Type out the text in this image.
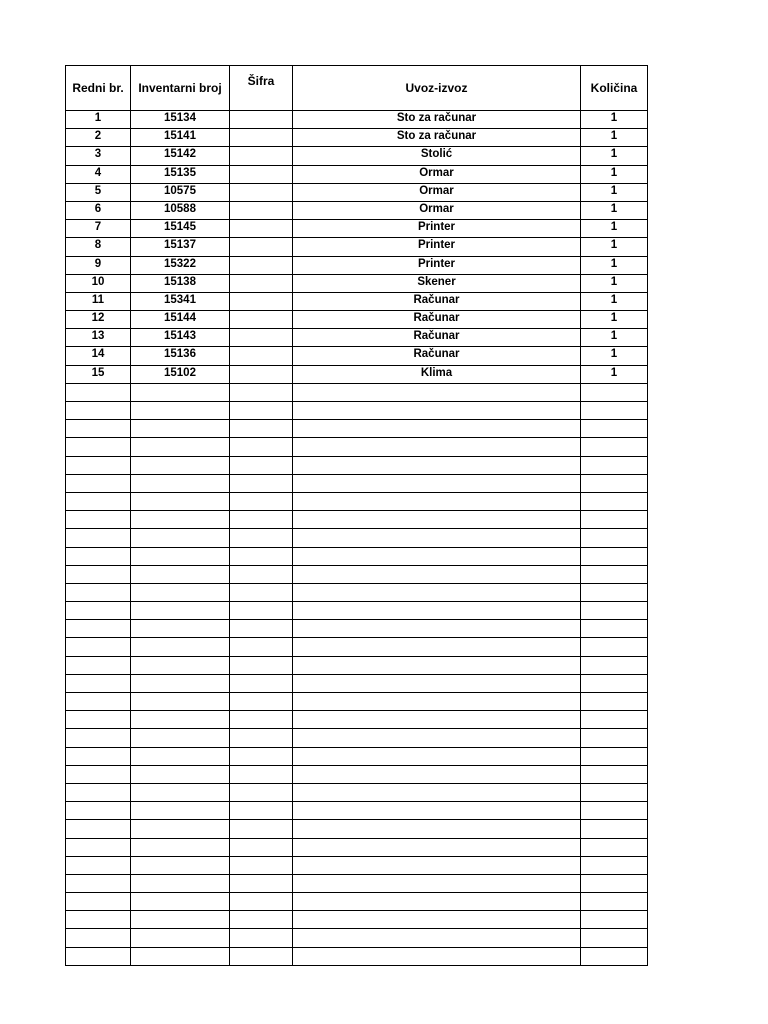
Redni br.	Inventarni broj	Šifra	Uvoz-izvoz	Količina
1	15134		Sto za računar	1
2	15141		Sto za računar	1
3	15142		Stolić	1
4	15135		Ormar	1
5	10575		Ormar	1
6	10588		Ormar	1
7	15145		Printer	1
8	15137		Printer	1
9	15322		Printer	1
10	15138		Skener	1
11	15341		Računar	1
12	15144		Računar	1
13	15143		Računar	1
14	15136		Računar	1
15	15102		Klima	1
